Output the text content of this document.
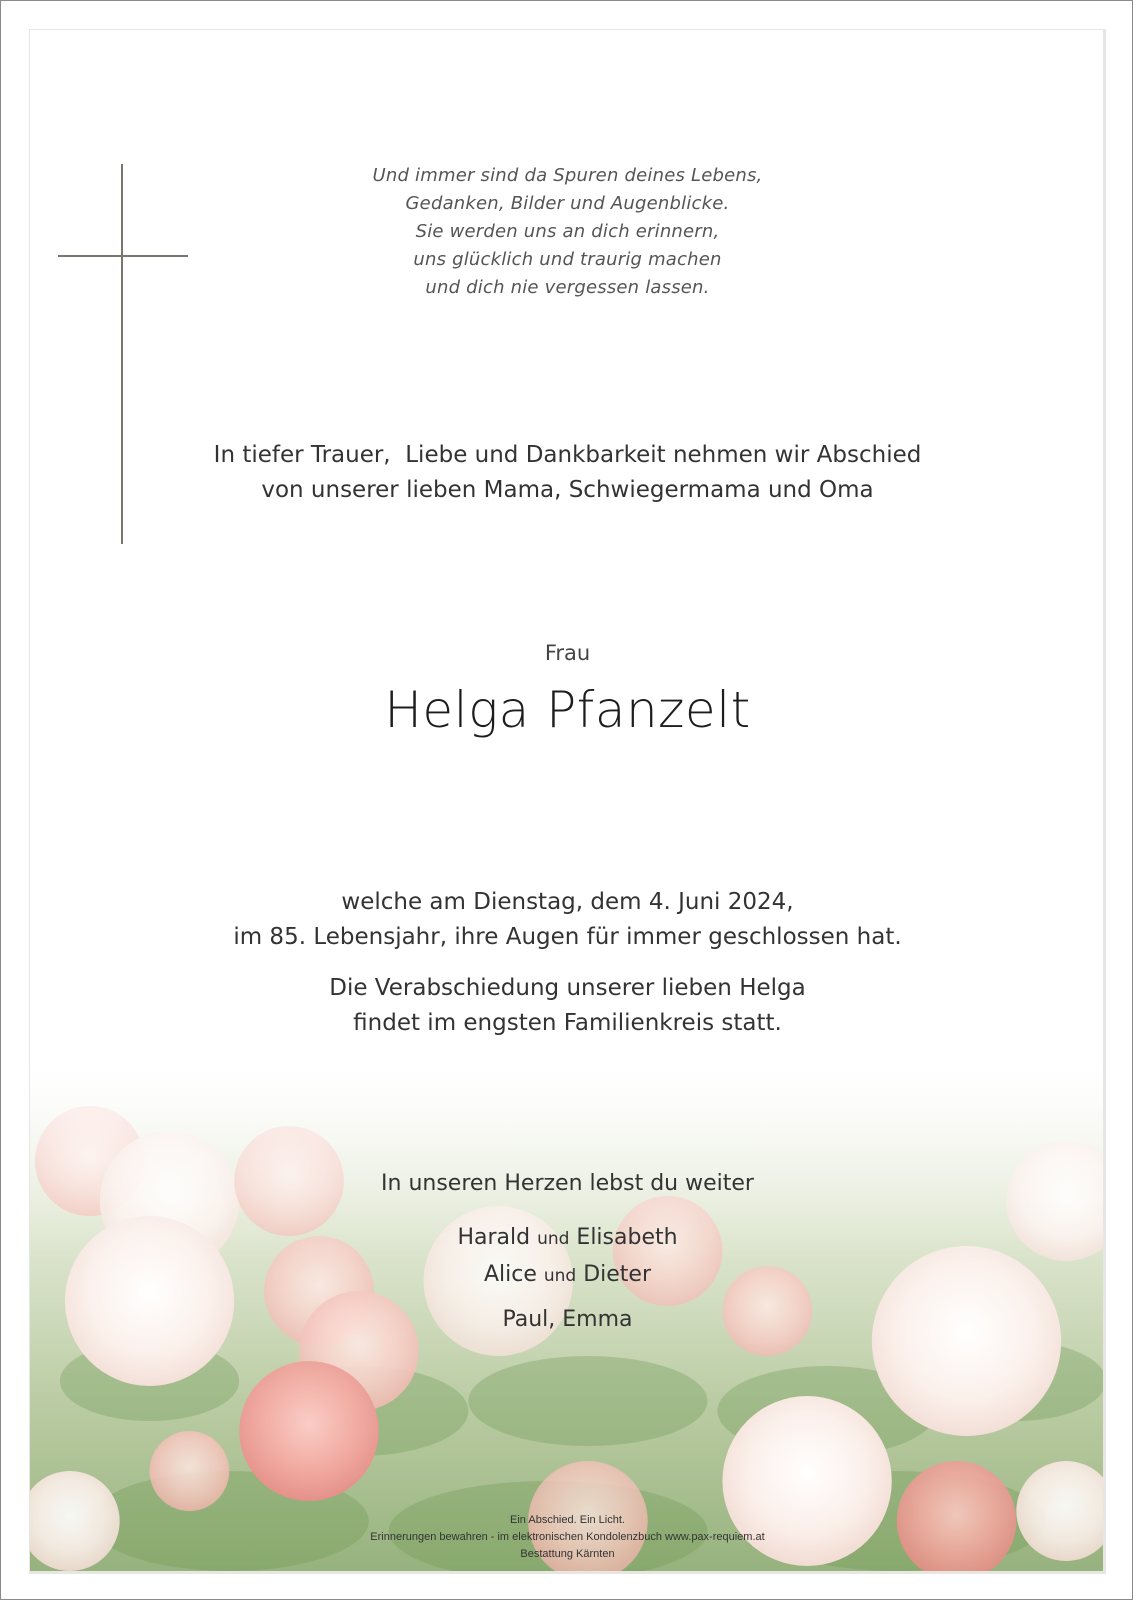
Und immer sind da Spuren deines Lebens,
Gedanken, Bilder und Augenblicke.
Sie werden uns an dich erinnern,
uns glücklich und traurig machen
und dich nie vergessen lassen.
In tiefer Trauer,  Liebe und Dankbarkeit nehmen wir Abschied
von unserer lieben Mama, Schwiegermama und Oma
Frau
Helga Pfanzelt
welche am Dienstag, dem 4. Juni 2024,
im 85. Lebensjahr, ihre Augen für immer geschlossen hat.
Die Verabschiedung unserer lieben Helga
findet im engsten Familienkreis statt.
In unseren Herzen lebst du weiter
Harald und Elisabeth
Alice und Dieter
Paul, Emma
Ein Abschied. Ein Licht.
Erinnerungen bewahren - im elektronischen Kondolenzbuch www.pax-requiem.at
Bestattung Kärnten
